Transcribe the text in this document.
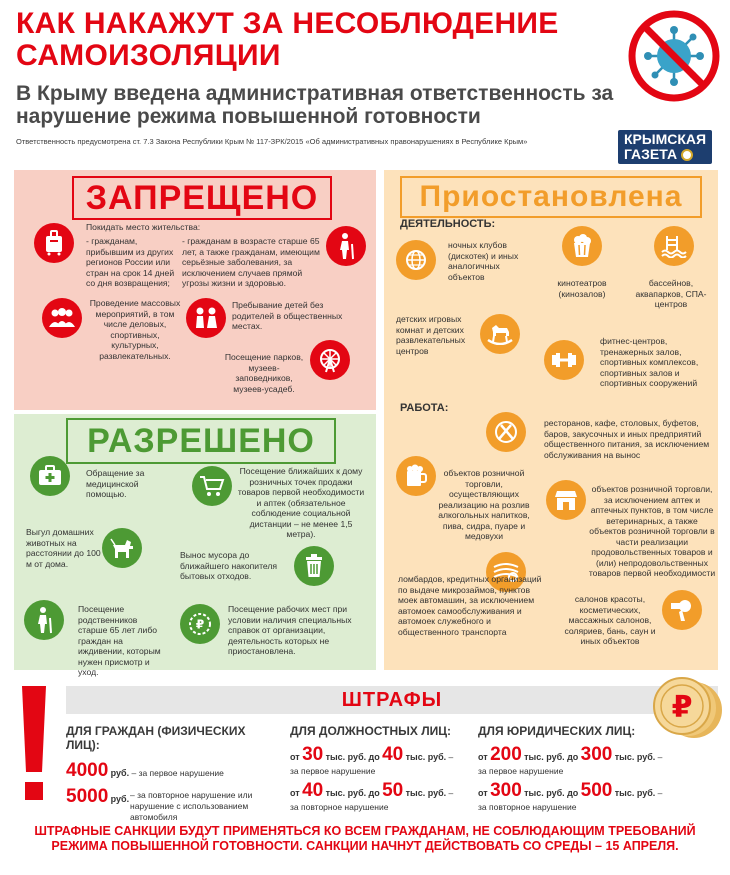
КАК НАКАЖУТ ЗА НЕСОБЛЮДЕНИЕ САМОИЗОЛЯЦИИ
В Крыму введена административная ответственность за нарушение режима повышенной готовности
Ответственность предусмотрена ст. 7.3 Закона Республики Крым № 117-ЗРК/2015 «Об административных правонарушениях в Республике Крым»	КРЫМСКАЯ
ГАЗЕТА
ЗАПРЕЩЕНО
Покидать место жительства:
- гражданам, прибывшим из других регионов России или стран на срок 14 дней со дня возвращения;
- гражданам в возрасте старше 65 лет, а также гражданам, имеющим серьёзные заболевания, за исключением случаев прямой угрозы жизни и здоровью.
Проведение массовых мероприятий, в том числе деловых, спортивных, культурных, развлекательных.
Пребывание детей без родителей в общественных местах.
Посещение парков, музеев-заповедников, музеев-усадеб.
РАЗРЕШЕНО
Обращение за медицинской помощью.
Посещение ближайших к дому розничных точек продажи товаров первой необходимости и аптек (обязательное соблюдение социальной дистанции – не менее 1,5 метра).
Выгул домашних животных на расстоянии до 100 м от дома.
Вынос мусора до ближайшего накопителя бытовых отходов.
Посещение родственников старше 65 лет либо граждан на иждивении, которым нужен присмотр и уход.
₽
Посещение рабочих мест при условии наличия специальных справок от организации, деятельность которых не приостановлена.
Приостановлена
ДЕЯТЕЛЬНОСТЬ:
ночных клубов (дискотек) и иных аналогичных объектов
кинотеатров (кинозалов)
бассейнов, аквапарков, СПА-центров
детских игровых комнат и детских развлекательных центров
фитнес-центров, тренажерных залов, спортивных комплексов, спортивных залов и спортивных сооружений
РАБОТА:
ресторанов, кафе, столовых, буфетов, баров, закусочных и иных предприятий общественного питания, за исключением обслуживания на вынос
объектов розничной торговли, осуществляющих реализацию на розлив алкогольных напитков, пива, сидра, пуаре и медовухи
объектов розничной торговли, за исключением аптек и аптечных пунктов, в том числе ветеринарных, а также объектов розничной торговли в части реализации продовольственных товаров и (или) непродовольственных товаров первой необходимости
ломбардов, кредитных организаций по выдаче микрозаймов, пунктов моек автомашин, за исключением автомоек самообслуживания и автомоек служебного и общественного транспорта
салонов красоты, косметических, массажных салонов, соляриев, бань, саун и иных объектов
ШТРАФЫ	₽
ДЛЯ ГРАЖДАН (ФИЗИЧЕСКИХ ЛИЦ):
4000 руб. – за первое нарушение
5000 руб. – за повторное нарушение или нарушение с использованием автомобиля
ДЛЯ ДОЛЖНОСТНЫХ ЛИЦ:
от 30 тыс. руб. до 40 тыс. руб. –
за первое нарушение
от 40 тыс. руб. до 50 тыс. руб. –
за повторное нарушение
ДЛЯ ЮРИДИЧЕСКИХ ЛИЦ:
от 200 тыс. руб. до 300 тыс. руб. –
за первое нарушение
от 300 тыс. руб. до 500 тыс. руб. –
за повторное нарушение
ШТРАФНЫЕ САНКЦИИ БУДУТ ПРИМЕНЯТЬСЯ КО ВСЕМ ГРАЖДАНАМ, НЕ СОБЛЮДАЮЩИМ ТРЕБОВАНИЙ РЕЖИМА ПОВЫШЕННОЙ ГОТОВНОСТИ. САНКЦИИ НАЧНУТ ДЕЙСТВОВАТЬ СО СРЕДЫ – 15 АПРЕЛЯ.
